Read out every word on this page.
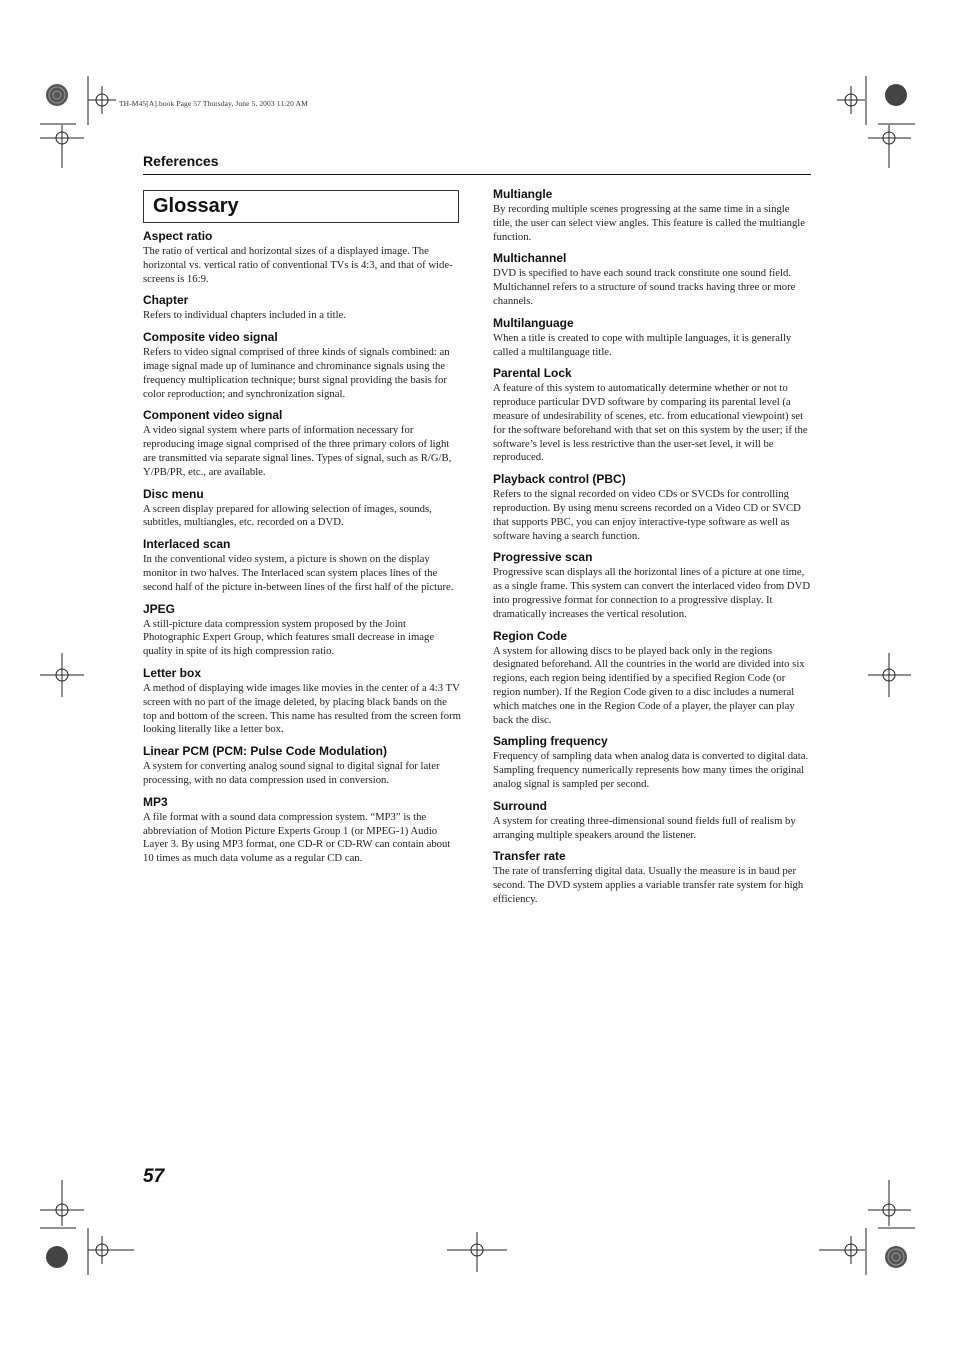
TH-M45[A].book Page 57 Thursday, June 5, 2003 11:20 AM
References
Glossary
Aspect ratio
The ratio of vertical and horizontal sizes of a displayed image. The horizontal vs. vertical ratio of conventional TVs is 4:3, and that of wide-screens is 16:9.
Chapter
Refers to individual chapters included in a title.
Composite video signal
Refers to video signal comprised of three kinds of signals combined: an image signal made up of luminance and chrominance signals using the frequency multiplication technique; burst signal providing the basis for color reproduction; and synchronization signal.
Component video signal
A video signal system where parts of information necessary for reproducing image signal comprised of the three primary colors of light are transmitted via separate signal lines. Types of signal, such as R/G/B, Y/PB/PR, etc., are available.
Disc menu
A screen display prepared for allowing selection of images, sounds, subtitles, multiangles, etc. recorded on a DVD.
Interlaced scan
In the conventional video system, a picture is shown on the display monitor in two halves. The Interlaced scan system places lines of the second half of the picture in-between lines of the first half of the picture.
JPEG
A still-picture data compression system proposed by the Joint Photographic Expert Group, which features small decrease in image quality in spite of its high compression ratio.
Letter box
A method of displaying wide images like movies in the center of a 4:3 TV screen with no part of the image deleted, by placing black bands on the top and bottom of the screen. This name has resulted from the screen form looking literally like a letter box.
Linear PCM (PCM: Pulse Code Modulation)
A system for converting analog sound signal to digital signal for later processing, with no data compression used in conversion.
MP3
A file format with a sound data compression system. “MP3” is the abbreviation of Motion Picture Experts Group 1 (or MPEG-1) Audio Layer 3. By using MP3 format, one CD-R or CD-RW can contain about 10 times as much data volume as a regular CD can.
Multiangle
By recording multiple scenes progressing at the same time in a single title, the user can select view angles. This feature is called the multiangle function.
Multichannel
DVD is specified to have each sound track constitute one sound field. Multichannel refers to a structure of sound tracks having three or more channels.
Multilanguage
When a title is created to cope with multiple languages, it is generally called a multilanguage title.
Parental Lock
A feature of this system to automatically determine whether or not to reproduce particular DVD software by comparing its parental level (a measure of undesirability of scenes, etc. from educational viewpoint) set for the software beforehand with that set on this system by the user; if the software’s level is less restrictive than the user-set level, it will be reproduced.
Playback control (PBC)
Refers to the signal recorded on video CDs or SVCDs for controlling reproduction. By using menu screens recorded on a Video CD or SVCD that supports PBC, you can enjoy interactive-type software as well as software having a search function.
Progressive scan
Progressive scan displays all the horizontal lines of a picture at one time, as a single frame. This system can convert the interlaced video from DVD into progressive format for connection to a progressive display. It dramatically increases the vertical resolution.
Region Code
A system for allowing discs to be played back only in the regions designated beforehand. All the countries in the world are divided into six regions, each region being identified by a specified Region Code (or region number). If the Region Code given to a disc includes a numeral which matches one in the Region Code of a player, the player can play back the disc.
Sampling frequency
Frequency of sampling data when analog data is converted to digital data. Sampling frequency numerically represents how many times the original analog signal is sampled per second.
Surround
A system for creating three-dimensional sound fields full of realism by arranging multiple speakers around the listener.
Transfer rate
The rate of transferring digital data. Usually the measure is in baud per second. The DVD system applies a variable transfer rate system for high efficiency.
57
